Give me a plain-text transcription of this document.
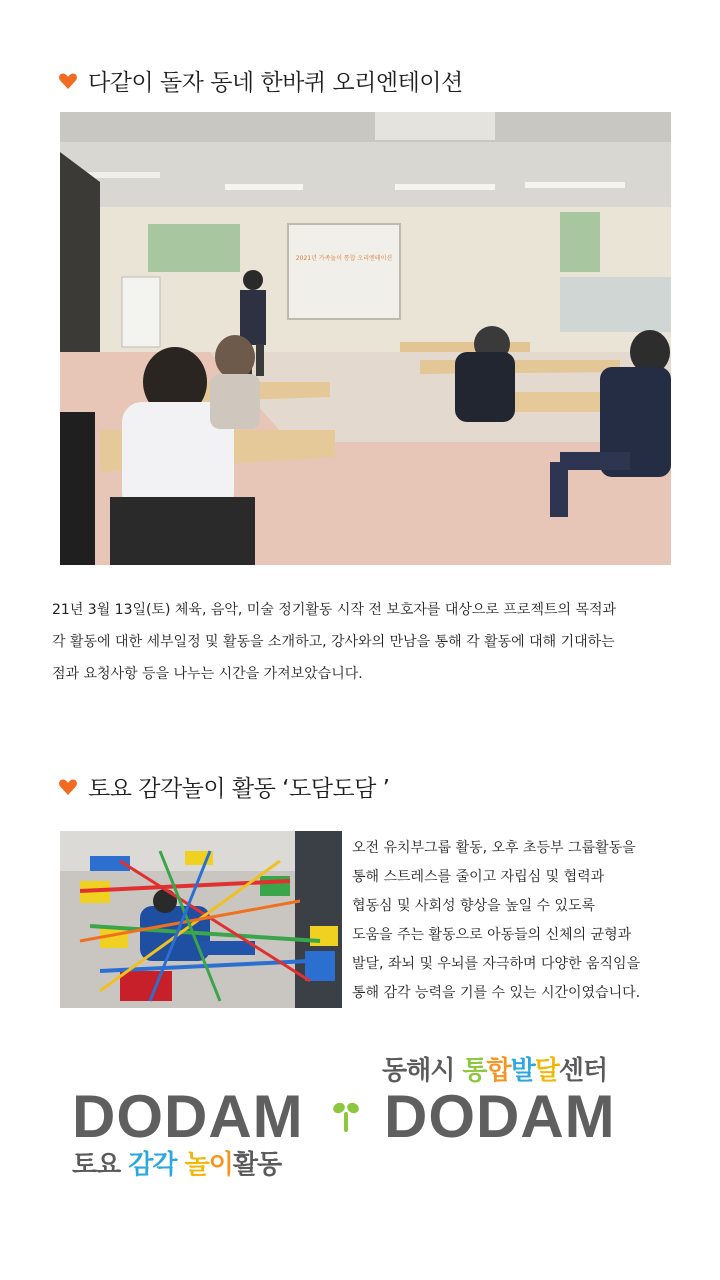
다같이 돌자 동네 한바퀴 오리엔테이션
2021년 가족놀이 통합 오리엔테이션
21년 3월 13일(토) 체육, 음악, 미술 정기활동 시작 전 보호자를 대상으로 프로젝트의 목적과
각 활동에 대한 세부일정 및 활동을 소개하고, 강사와의 만남을 통해 각 활동에 대해 기대하는
점과 요청사항 등을 나누는 시간을 가져보았습니다.
토요 감각놀이 활동 ‘도담도담 ’
오전 유치부그룹 활동, 오후 초등부 그룹활동을
통해 스트레스를 줄이고 자립심 및 협력과
협동심 및 사회성 향상을 높일 수 있도록
도움을 주는 활동으로 아동들의 신체의 균형과
발달, 좌뇌 및 우뇌를 자극하며 다양한 움직임을
통해 감각 능력을 기를 수 있는 시간이였습니다.
동해시 통합발달센터
DODAM DODAM
토요 감각 놀이활동
